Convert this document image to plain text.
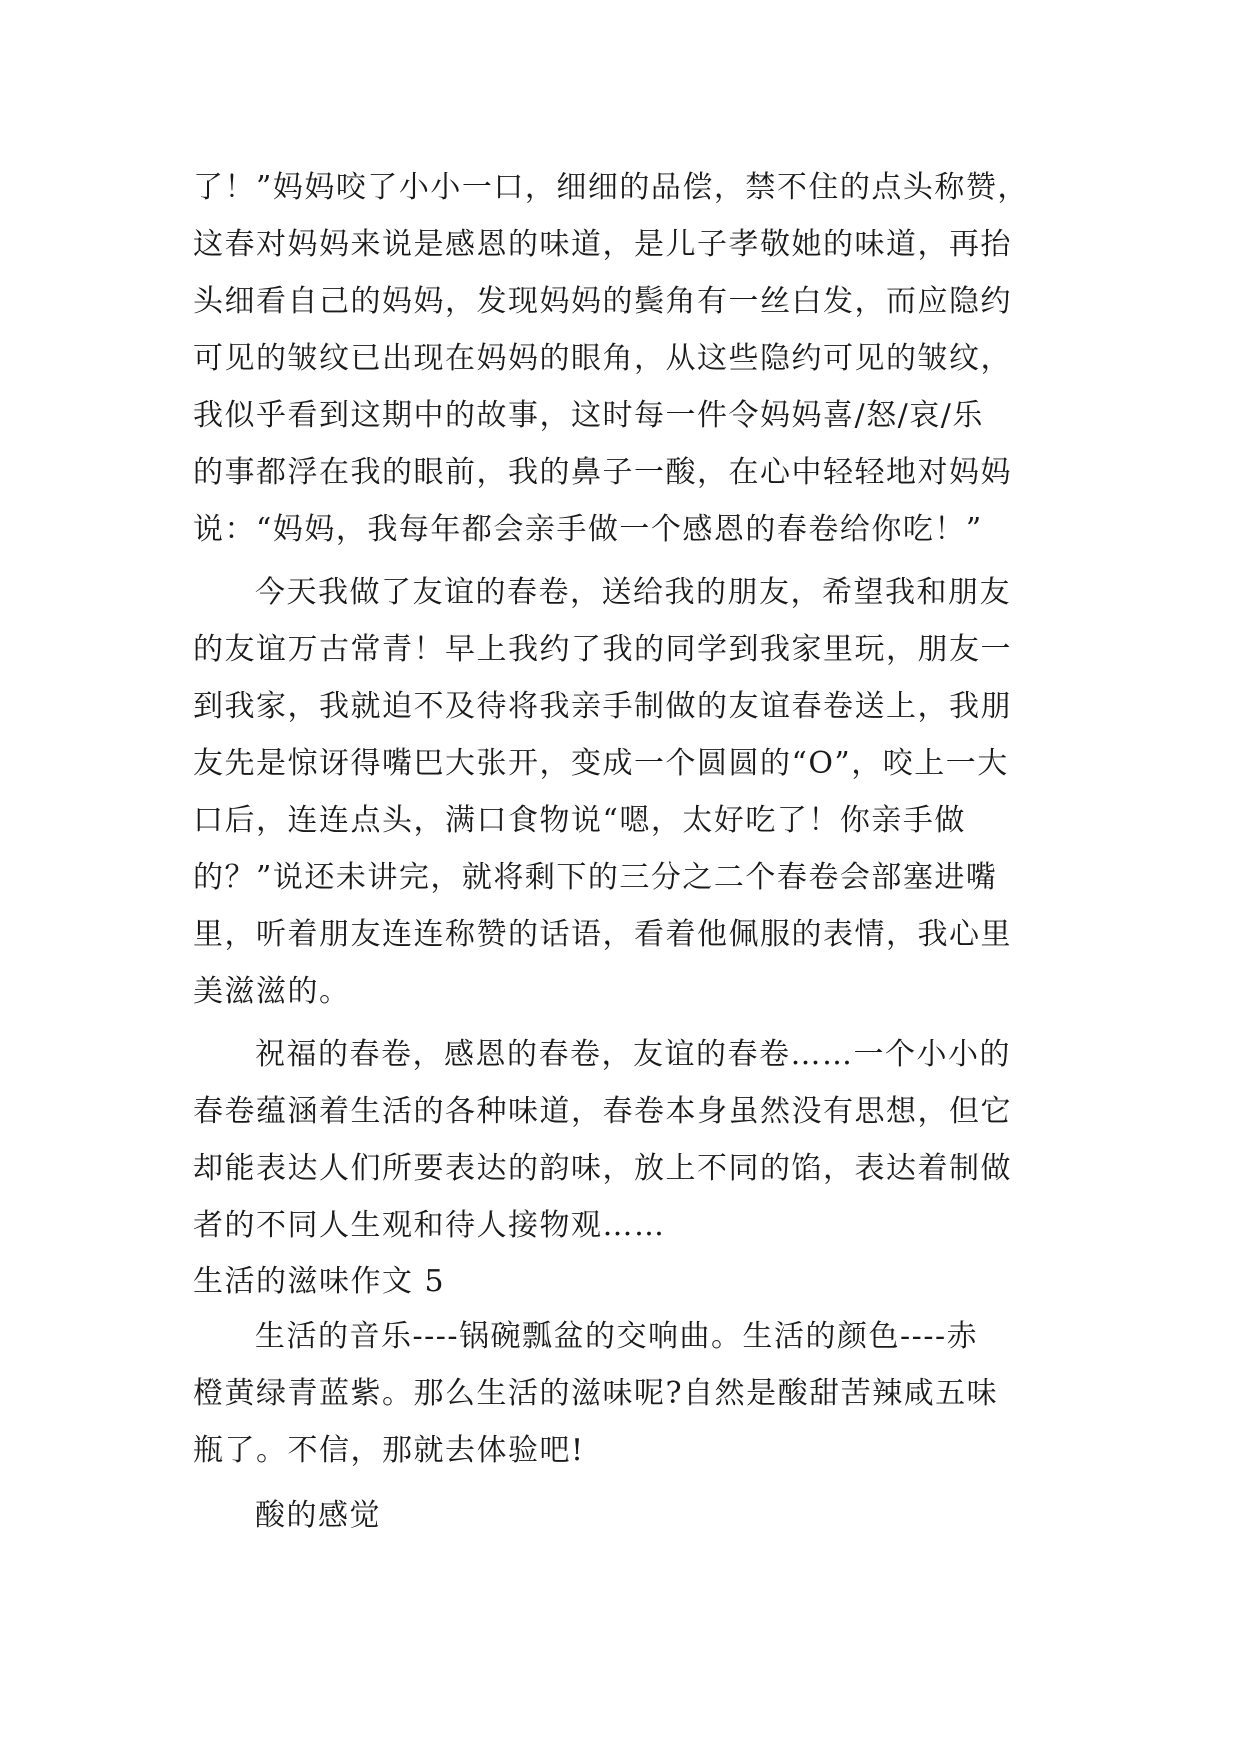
了！”妈妈咬了小小一口，细细的品偿，禁不住的点头称赞，
这春对妈妈来说是感恩的味道，是儿子孝敬她的味道，再抬
头细看自己的妈妈，发现妈妈的鬓角有一丝白发，而应隐约
可见的皱纹已出现在妈妈的眼角，从这些隐约可见的皱纹，
我似乎看到这期中的故事，这时每一件令妈妈喜/怒/哀/乐
的事都浮在我的眼前，我的鼻子一酸，在心中轻轻地对妈妈
说：“妈妈，我每年都会亲手做一个感恩的春卷给你吃！”
今天我做了友谊的春卷，送给我的朋友，希望我和朋友
的友谊万古常青！早上我约了我的同学到我家里玩，朋友一
到我家，我就迫不及待将我亲手制做的友谊春卷送上，我朋
友先是惊讶得嘴巴大张开，变成一个圆圆的“O”，咬上一大
口后，连连点头，满口食物说“嗯，太好吃了！你亲手做
的？”说还未讲完，就将剩下的三分之二个春卷会部塞进嘴
里，听着朋友连连称赞的话语，看着他佩服的表情，我心里
美滋滋的。
祝福的春卷，感恩的春卷，友谊的春卷……一个小小的
春卷蕴涵着生活的各种味道，春卷本身虽然没有思想，但它
却能表达人们所要表达的韵味，放上不同的馅，表达着制做
者的不同人生观和待人接物观……
生活的滋味作文 5
生活的音乐----锅碗瓢盆的交响曲。生活的颜色----赤
橙黄绿青蓝紫。那么生活的滋味呢?自然是酸甜苦辣咸五味
瓶了。不信，那就去体验吧!
酸的感觉
